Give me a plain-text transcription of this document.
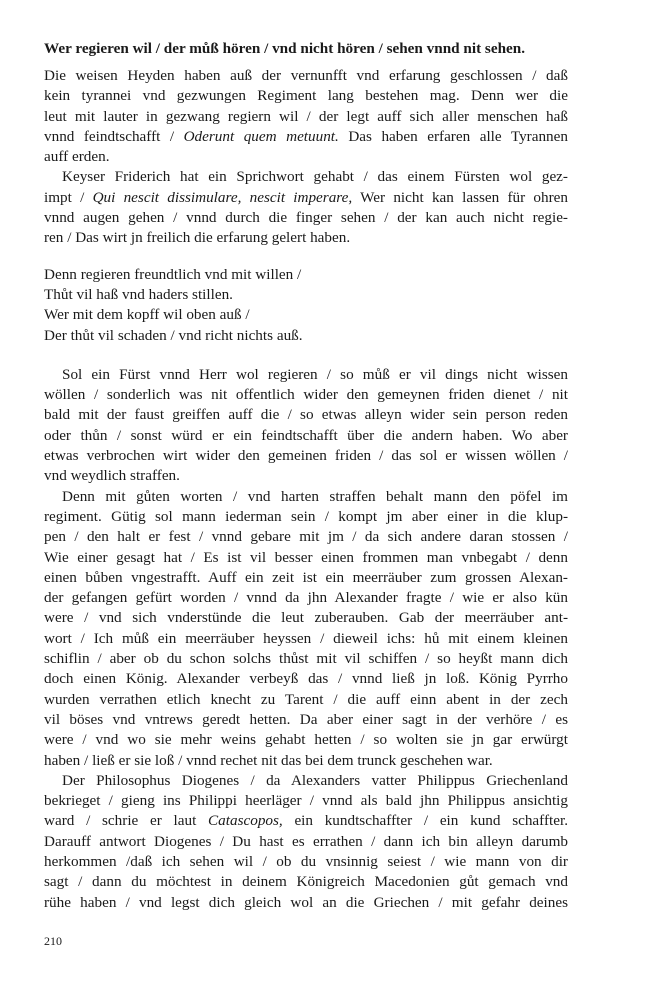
Wer regieren wil / der můß hören / vnd nicht hören / sehen vnnd nit sehen.
Die weisen Heyden haben auß der vernunfft vnd erfarung geschlossen / daß
kein tyrannei vnd gezwungen Regiment lang bestehen mag. Denn wer die
leut mit lauter in gezwang regiern wil / der legt auff sich aller menschen haß
vnnd feindtschafft / Oderunt quem metuunt. Das haben erfaren alle Tyrannen
auff erden.
Keyser Friderich hat ein Sprichwort gehabt / das einem Fürsten wol gez-
impt / Qui nescit dissimulare, nescit imperare, Wer nicht kan lassen für ohren
vnnd augen gehen / vnnd durch die finger sehen / der kan auch nicht regie-
ren / Das wirt jn freilich die erfarung gelert haben.
Denn regieren freundtlich vnd mit willen /
Thůt vil haß vnd haders stillen.
Wer mit dem kopff wil oben auß /
Der thůt vil schaden / vnd richt nichts auß.
Sol ein Fürst vnnd Herr wol regieren / so můß er vil dings nicht wissen
wöllen / sonderlich was nit offentlich wider den gemeynen friden dienet / nit
bald mit der faust greiffen auff die / so etwas alleyn wider sein person reden
oder thůn / sonst würd er ein feindtschafft über die andern haben. Wo aber
etwas verbrochen wirt wider den gemeinen friden / das sol er wissen wöllen /
vnd weydlich straffen.
Denn mit gůten worten / vnd harten straffen behalt mann den pöfel im
regiment. Gütig sol mann iederman sein / kompt jm aber einer in die klup-
pen / den halt er fest / vnnd gebare mit jm / da sich andere daran stossen /
Wie einer gesagt hat / Es ist vil besser einen frommen man vnbegabt / denn
einen bůben vngestrafft. Auff ein zeit ist ein meerräuber zum grossen Alexan-
der gefangen gefürt worden / vnnd da jhn Alexander fragte / wie er also kün
were / vnd sich vnderstünde die leut zuberauben. Gab der meerräuber ant-
wort / Ich můß ein meerräuber heyssen / dieweil ichs: hů mit einem kleinen
schiflin / aber ob du schon solchs thůst mit vil schiffen / so heyßt mann dich
doch einen König. Alexander verbeyß das / vnnd ließ jn loß. König Pyrrho
wurden verrathen etlich knecht zu Tarent / die auff einn abent in der zech
vil böses vnd vntrews geredt hetten. Da aber einer sagt in der verhöre / es
were / vnd wo sie mehr weins gehabt hetten / so wolten sie jn gar erwürgt
haben / ließ er sie loß / vnnd rechet nit das bei dem trunck geschehen war.
Der Philosophus Diogenes / da Alexanders vatter Philippus Griechenland
bekrieget / gieng ins Philippi heerläger / vnnd als bald jhn Philippus ansichtig
ward / schrie er laut Catascopos, ein kundtschaffter / ein kund schaffter.
Darauff antwort Diogenes / Du hast es errathen / dann ich bin alleyn darumb
herkommen /daß ich sehen wil / ob du vnsinnig seiest / wie mann von dir
sagt / dann du möchtest in deinem Königreich Macedonien gůt gemach vnd
rühe haben / vnd legst dich gleich wol an die Griechen / mit gefahr deines
210
